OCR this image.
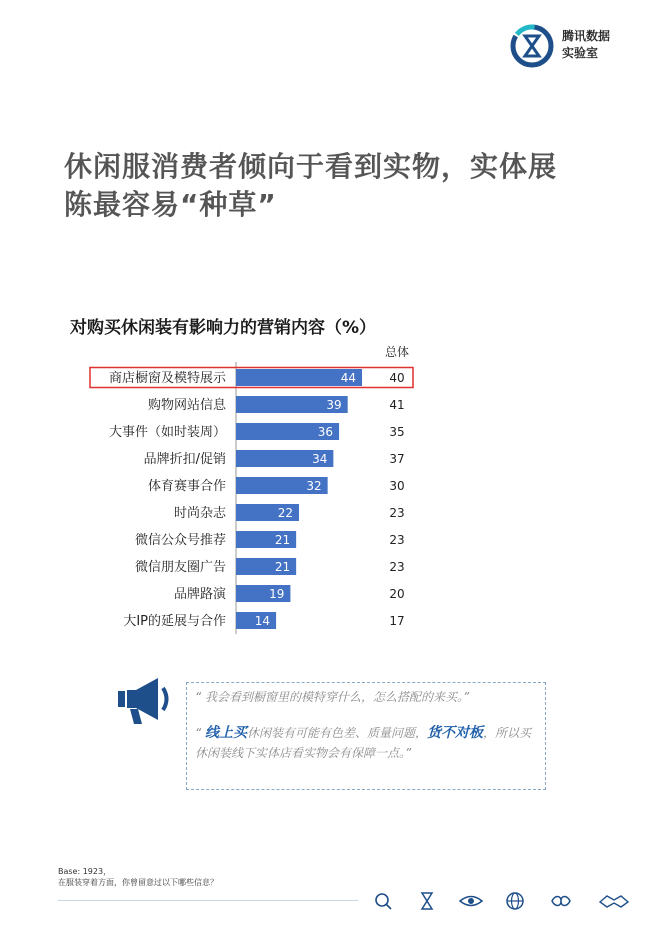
腾讯数据
实验室
休闲服消费者倾向于看到实物，实体展
陈最容易“种草”
对购买休闲装有影响力的营销内容（%）
总体
商店橱窗及模特展示	44	40
购物网站信息	39	41
大事件（如时装周）	36	35
品牌折扣/促销	34	37
体育赛事合作	32	30
时尚杂志	22	23
微信公众号推荐	21	23
微信朋友圈广告	21	23
品牌路演	19	20
大IP的延展与合作 14	17
“ 我会看到橱窗里的模特穿什么，怎么搭配的来买。”
“ 线上买休闲装有可能有色差、质量问题，货不对板，所以买休闲装线下实体店看实物会有保障一点。”
Base: 1923，
在服装穿着方面，你曾留意过以下哪些信息？
